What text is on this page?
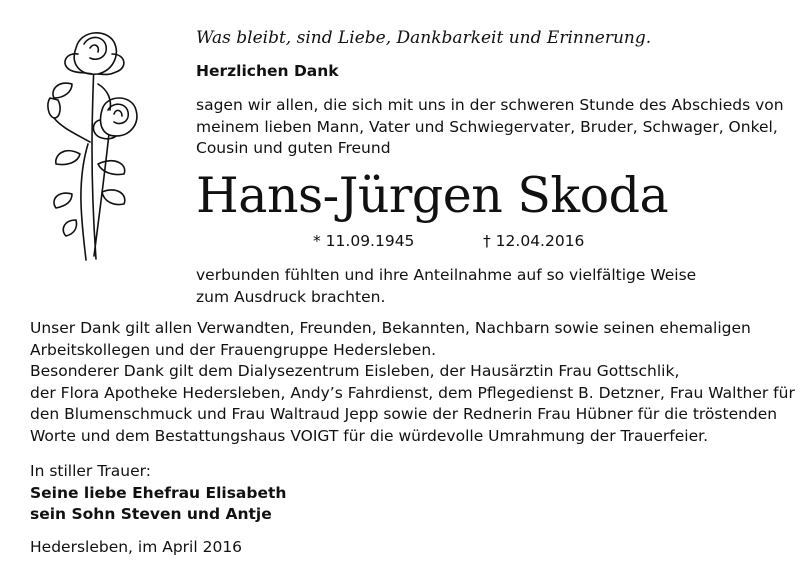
Was bleibt, sind Liebe, Dankbarkeit und Erinnerung.
Herzlichen Dank
sagen wir allen, die sich mit uns in der schweren Stunde des Abschieds von
meinem lieben Mann, Vater und Schwiegervater, Bruder, Schwager, Onkel,
Cousin und guten Freund
Hans-Jürgen Skoda
* 11.09.1945	† 12.04.2016
verbunden fühlten und ihre Anteilnahme auf so vielfältige Weise
zum Ausdruck brachten.
Unser Dank gilt allen Verwandten, Freunden, Bekannten, Nachbarn sowie seinen ehemaligen
Arbeitskollegen und der Frauengruppe Hedersleben.
Besonderer Dank gilt dem Dialysezentrum Eisleben, der Hausärztin Frau Gottschlik,
der Flora Apotheke Hedersleben, Andy’s Fahrdienst, dem Pflegedienst B. Detzner, Frau Walther für
den Blumenschmuck und Frau Waltraud Jepp sowie der Rednerin Frau Hübner für die tröstenden
Worte und dem Bestattungshaus VOIGT für die würdevolle Umrahmung der Trauerfeier.
In stiller Trauer:
Seine liebe Ehefrau Elisabeth
sein Sohn Steven und Antje
Hedersleben, im April 2016
